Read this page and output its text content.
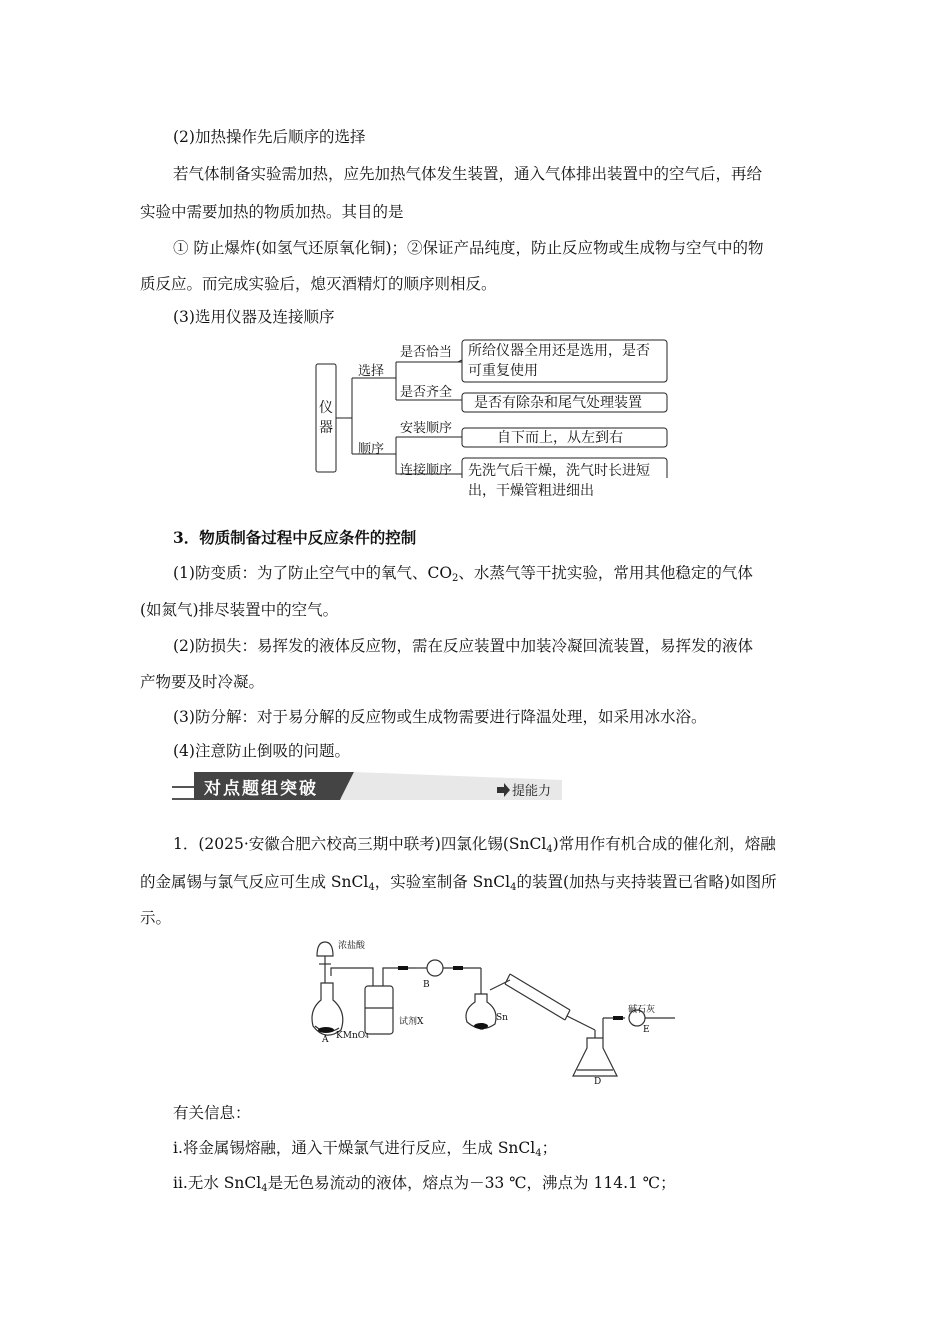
(2)加热操作先后顺序的选择
若气体制备实验需加热，应先加热气体发生装置，通入气体排出装置中的空气后，再给
实验中需要加热的物质加热。其目的是
① 防止爆炸(如氢气还原氧化铜)；②保证产品纯度，防止反应物或生成物与空气中的物
质反应。而完成实验后，熄灭酒精灯的顺序则相反。
(3)选用仪器及连接顺序
仪器
选择
顺序
是否恰当
是否齐全
安装顺序
连接顺序
所给仪器全用还是选用，是否
可重复使用
是否有除杂和尾气处理装置
自下而上，从左到右
先洗气后干燥，洗气时长进短
出，干燥管粗进细出
3．物质制备过程中反应条件的控制
(1)防变质：为了防止空气中的氧气、$CO_2$、水蒸气等干扰实验，常用其他稳定的气体
(如氮气)排尽装置中的空气。
(2)防损失：易挥发的液体反应物，需在反应装置中加装冷凝回流装置，易挥发的液体
产物要及时冷凝。
(3)防分解：对于易分解的反应物或生成物需要进行降温处理，如采用冰水浴。
(4)注意防止倒吸的问题。
对点题组突破	提能力
1．(2025·安徽合肥六校高三期中联考)四氯化锡(SnCl$_4$)常用作有机合成的催化剂，熔融
的金属锡与氯气反应可生成 SnCl$_4$，实验室制备 SnCl$_4$的装置(加热与夹持装置已省略)如图所
示。
浓盐酸
A KMnO4
B
试剂X
C
Sn
D
碱石灰
E
有关信息：
ⅰ.将金属锡熔融，通入干燥氯气进行反应，生成 SnCl$_4$；
ⅱ.无水 SnCl$_4$是无色易流动的液体，熔点为－33 ℃，沸点为 114.1 ℃；
